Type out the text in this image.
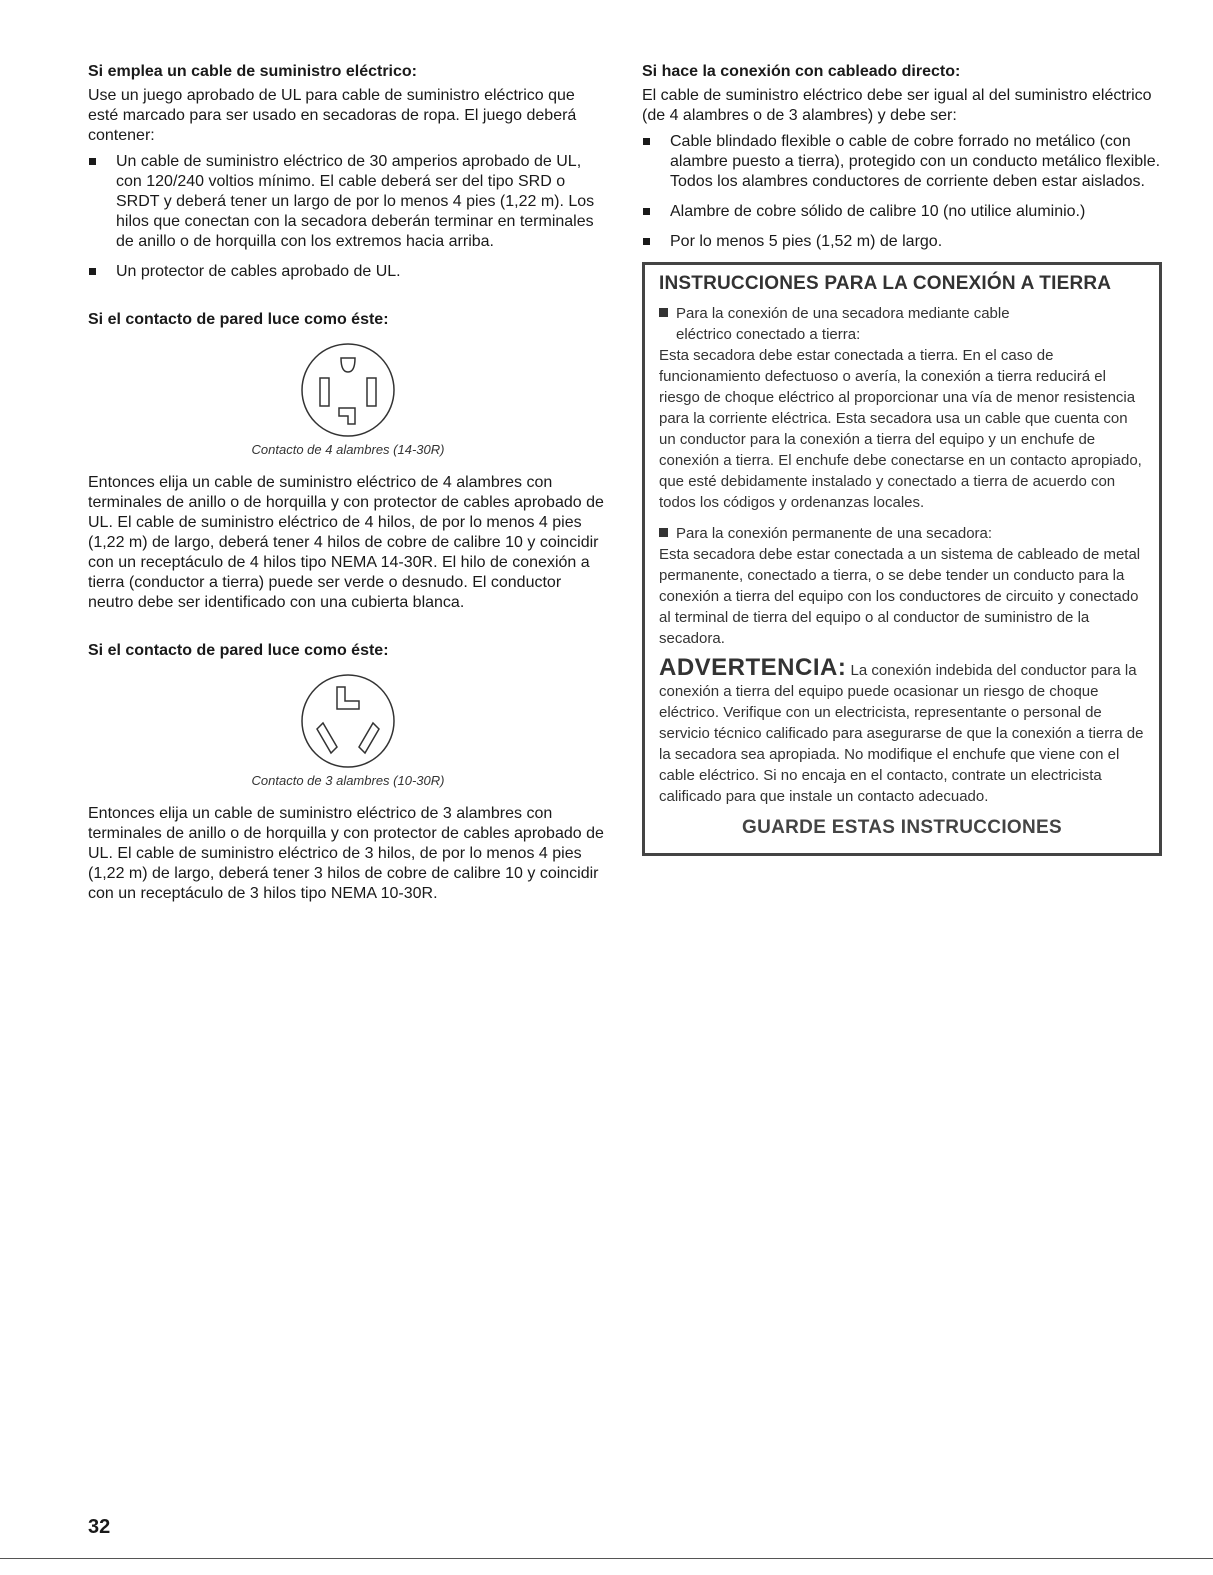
Si emplea un cable de suministro eléctrico:

Use un juego aprobado de UL para cable de suministro eléctrico que esté marcado para ser usado en secadoras de ropa. El juego deberá contener:

Un cable de suministro eléctrico de 30 amperios aprobado de UL, con 120/240 voltios mínimo. El cable deberá ser del tipo SRD o SRDT y deberá tener un largo de por lo menos 4 pies (1,22 m). Los hilos que conectan con la secadora deberán terminar en terminales de anillo o de horquilla con los extremos hacia arriba.
Un protector de cables aprobado de UL.
Si el contacto de pared luce como éste:
Contacto de 4 alambres (14-30R)

Entonces elija un cable de suministro eléctrico de 4 alambres con terminales de anillo o de horquilla y con protector de cables aprobado de UL. El cable de suministro eléctrico de 4 hilos, de por lo menos 4 pies (1,22 m) de largo, deberá tener 4 hilos de cobre de calibre 10 y coincidir con un receptáculo de 4 hilos tipo NEMA 14-30R. El hilo de conexión a tierra (conductor a tierra) puede ser verde o desnudo. El conductor neutro debe ser identificado con una cubierta blanca.

Si el contacto de pared luce como éste:
Contacto de 3 alambres (10-30R)

Entonces elija un cable de suministro eléctrico de 3 alambres con terminales de anillo o de horquilla y con protector de cables aprobado de UL. El cable de suministro eléctrico de 3 hilos, de por lo menos 4 pies (1,22 m) de largo, deberá tener 3 hilos de cobre de calibre 10 y coincidir con un receptáculo de 3 hilos tipo NEMA 10-30R.

Si hace la conexión con cableado directo:

El cable de suministro eléctrico debe ser igual al del suministro eléctrico (de 4 alambres o de 3 alambres) y debe ser:

Cable blindado flexible o cable de cobre forrado no metálico (con alambre puesto a tierra), protegido con un conducto metálico flexible. Todos los alambres conductores de corriente deben estar aislados.
Alambre de cobre sólido de calibre 10 (no utilice aluminio.)
Por lo menos 5 pies (1,52 m) de largo.
INSTRUCCIONES PARA LA CONEXIÓN A TIERRA

Para la conexión de una secadora mediante cable

eléctrico conectado a tierra:

Esta secadora debe estar conectada a tierra. En el caso de funcionamiento defectuoso o avería, la conexión a tierra reducirá el riesgo de choque eléctrico al proporcionar una vía de menor resistencia para la corriente eléctrica. Esta secadora usa un cable que cuenta con un conductor para la conexión a tierra del equipo y un enchufe de conexión a tierra. El enchufe debe conectarse en un contacto apropiado, que esté debidamente instalado y conectado a tierra de acuerdo con todos los códigos y ordenanzas locales.

Para la conexión permanente de una secadora:

Esta secadora debe estar conectada a un sistema de cableado de metal permanente, conectado a tierra, o se debe tender un conducto para la conexión a tierra del equipo con los conductores de circuito y conectado al terminal de tierra del equipo o al conductor de suministro de la secadora.

ADVERTENCIA: La conexión indebida del conductor para la conexión a tierra del equipo puede ocasionar un riesgo de choque eléctrico. Verifique con un electricista, representante o personal de servicio técnico calificado para asegurarse de que la conexión a tierra de la secadora sea apropiada. No modifique el enchufe que viene con el cable eléctrico. Si no encaja en el contacto, contrate un electricista calificado para que instale un contacto adecuado.

GUARDE ESTAS INSTRUCCIONES
32
